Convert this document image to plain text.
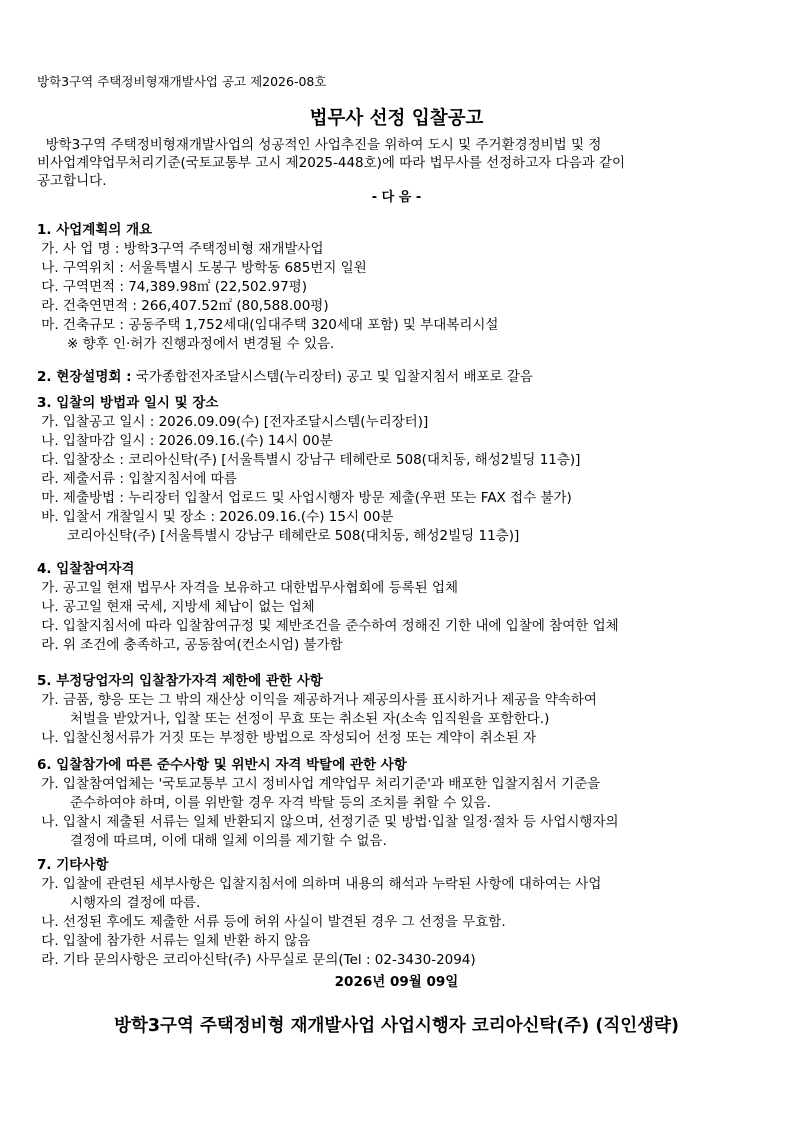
방학3구역 주택정비형재개발사업 공고 제2026-08호
법무사 선정 입찰공고
방학3구역 주택정비형재개발사업의 성공적인 사업추진을 위하여 도시 및 주거환경정비법 및 정
비사업계약업무처리기준(국토교통부 고시 제2025-448호)에 따라 법무사를 선정하고자 다음과 같이
공고합니다.
- 다 음 -
1. 사업계획의 개요
가. 사 업 명 : 방학3구역 주택정비형 재개발사업
나. 구역위치 : 서울특별시 도봉구 방학동 685번지 일원
다. 구역면적 : 74,389.98㎡ (22,502.97평)
라. 건축연면적 : 266,407.52㎡ (80,588.00평)
마. 건축규모 : 공동주택 1,752세대(임대주택 320세대 포함) 및 부대복리시설
※ 향후 인·허가 진행과정에서 변경될 수 있음.
2. 현장설명회 : 국가종합전자조달시스템(누리장터) 공고 및 입찰지침서 배포로 갈음
3. 입찰의 방법과 일시 및 장소
가. 입찰공고 일시 : 2026.09.09(수) [전자조달시스템(누리장터)]
나. 입찰마감 일시 : 2026.09.16.(수) 14시 00분
다. 입찰장소 : 코리아신탁(주) [서울특별시 강남구 테헤란로 508(대치동, 해성2빌딩 11층)]
라. 제출서류 : 입찰지침서에 따름
마. 제출방법 : 누리장터 입찰서 업로드 및 사업시행자 방문 제출(우편 또는 FAX 접수 불가)
바. 입찰서 개찰일시 및 장소 : 2026.09.16.(수) 15시 00분
코리아신탁(주) [서울특별시 강남구 테헤란로 508(대치동, 해성2빌딩 11층)]
4. 입찰참여자격
가. 공고일 현재 법무사 자격을 보유하고 대한법무사협회에 등록된 업체
나. 공고일 현재 국세, 지방세 체납이 없는 업체
다. 입찰지침서에 따라 입찰참여규정 및 제반조건을 준수하여 정해진 기한 내에 입찰에 참여한 업체
라. 위 조건에 충족하고, 공동참여(컨소시엄) 불가함
5. 부정당업자의 입찰참가자격 제한에 관한 사항
가. 금품, 향응 또는 그 밖의 재산상 이익을 제공하거나 제공의사를 표시하거나 제공을 약속하여
처벌을 받았거나, 입찰 또는 선정이 무효 또는 취소된 자(소속 임직원을 포함한다.)
나. 입찰신청서류가 거짓 또는 부정한 방법으로 작성되어 선정 또는 계약이 취소된 자
6. 입찰참가에 따른 준수사항 및 위반시 자격 박탈에 관한 사항
가. 입찰참여업체는 '국토교통부 고시 정비사업 계약업무 처리기준'과 배포한 입찰지침서 기준을
준수하여야 하며, 이를 위반할 경우 자격 박탈 등의 조치를 취할 수 있음.
나. 입찰시 제출된 서류는 일체 반환되지 않으며, 선정기준 및 방법·입찰 일정·절차 등 사업시행자의
결정에 따르며, 이에 대해 일체 이의를 제기할 수 없음.
7. 기타사항
가. 입찰에 관련된 세부사항은 입찰지침서에 의하며 내용의 해석과 누락된 사항에 대하여는 사업
시행자의 결정에 따름.
나. 선정된 후에도 제출한 서류 등에 허위 사실이 발견된 경우 그 선정을 무효함.
다. 입찰에 참가한 서류는 일체 반환 하지 않음
라. 기타 문의사항은 코리아신탁(주) 사무실로 문의(Tel : 02-3430-2094)
2026년 09월 09일
방학3구역 주택정비형 재개발사업 사업시행자 코리아신탁(주) (직인생략)
